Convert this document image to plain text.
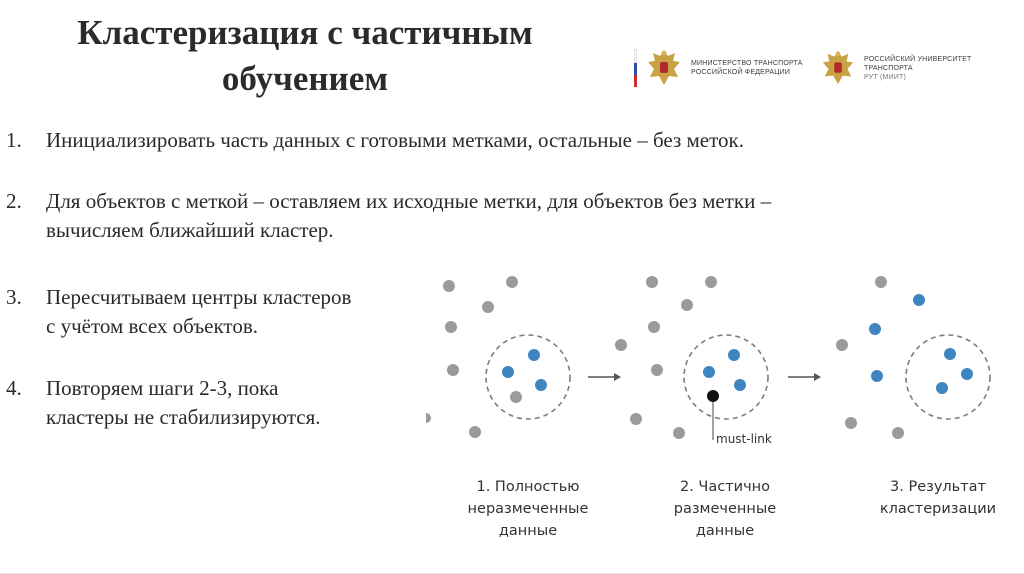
Кластеризация с частичным
обучением	МИНИСТЕРСТВО ТРАНСПОРТА
РОССИЙСКОЙ ФЕДЕРАЦИИ
РОССИЙСКИЙ УНИВЕРСИТЕТ
ТРАНСПОРТА
РУТ (МИИТ)
1.	Инициализировать часть данных с готовыми метками, остальные – без меток.
2.	Для объектов с меткой – оставляем их исходные метки, для объектов без метки –
вычисляем ближайший кластер.
3.	Пересчитываем центры кластеров
с учётом всех объектов.
4.	Повторяем шаги 2-3, пока
кластеры не стабилизируются.
must-link
1. Полностью
неразмеченные
данные
2. Частично
размеченные
данные
3. Результат
кластеризации
